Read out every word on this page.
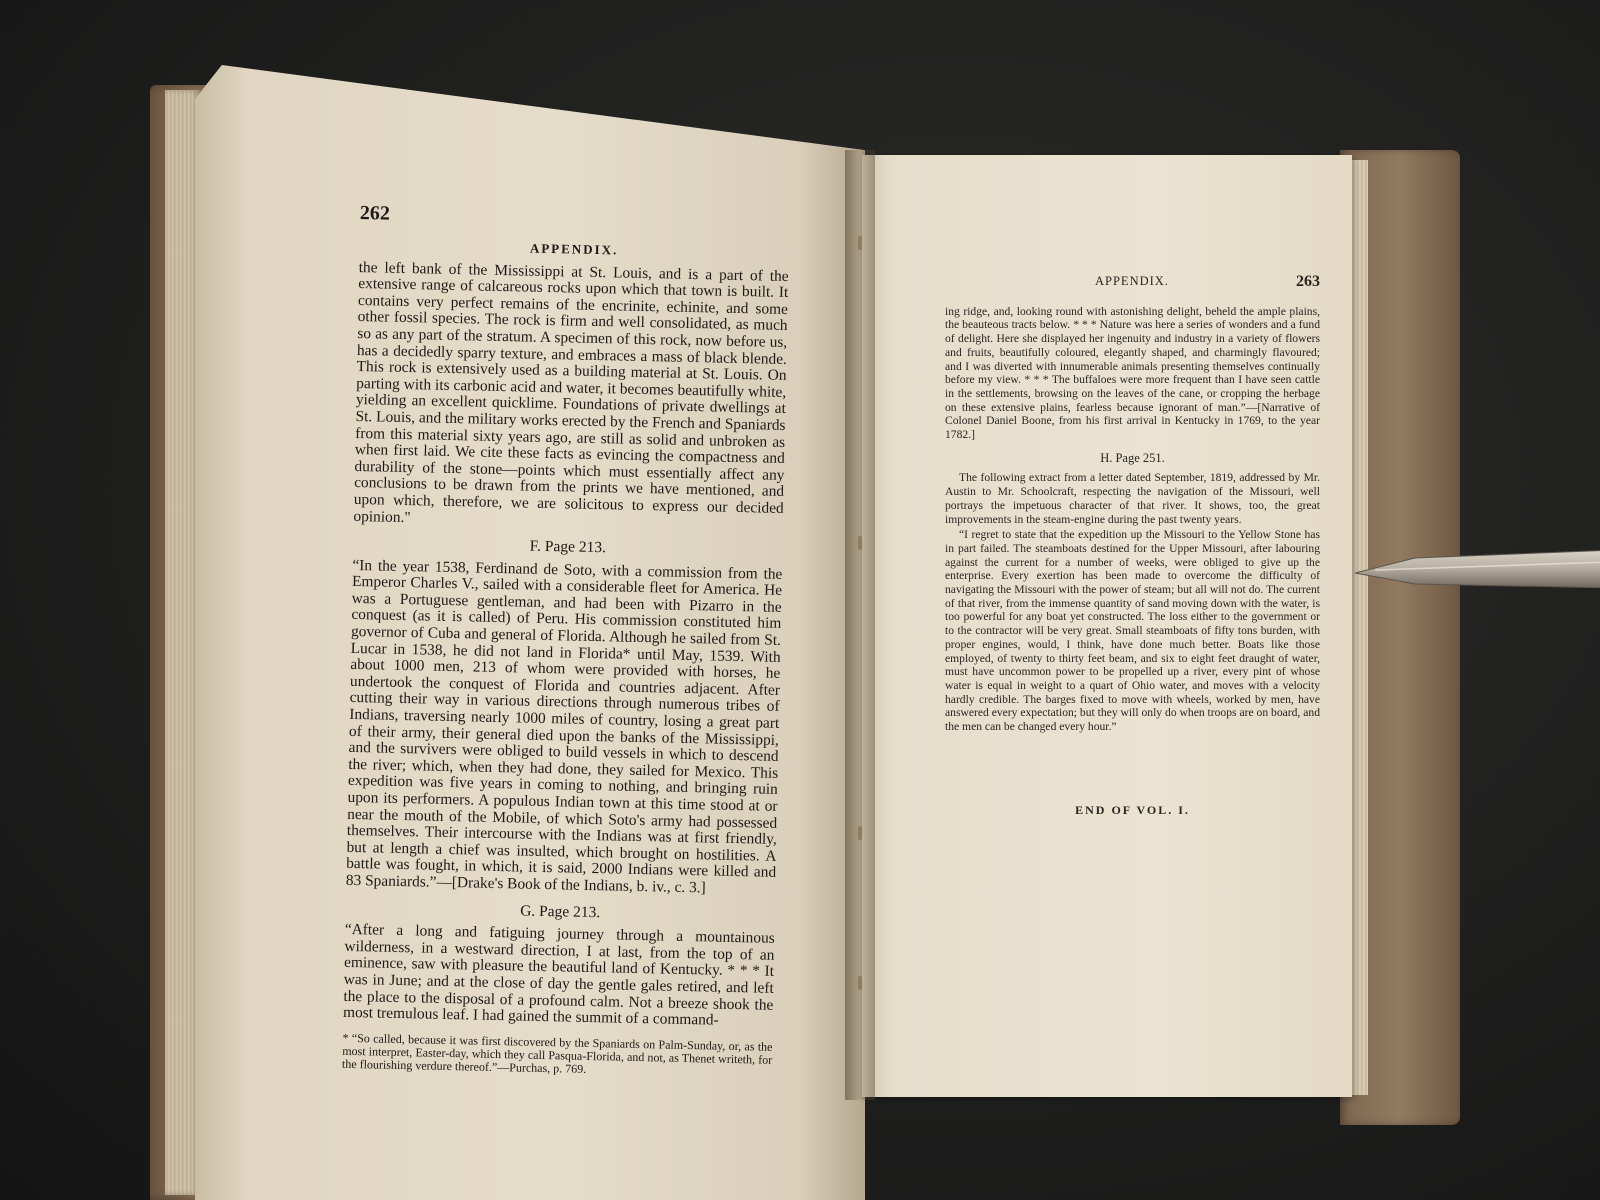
262
APPENDIX.
the left bank of the Mississippi at St. Louis, and is a part of the extensive range of calcareous rocks upon which that town is built. It contains very perfect remains of the encrinite, echinite, and some other fossil species. The rock is firm and well consolidated, as much so as any part of the stratum. A specimen of this rock, now before us, has a decidedly sparry texture, and embraces a mass of black blende. This rock is extensively used as a building material at St. Louis. On parting with its carbonic acid and water, it becomes beautifully white, yielding an excellent quicklime. Foundations of private dwellings at St. Louis, and the military works erected by the French and Spaniards from this material sixty years ago, are still as solid and unbroken as when first laid. We cite these facts as evincing the compactness and durability of the stone—points which must essentially affect any conclusions to be drawn from the prints we have mentioned, and upon which, therefore, we are solicitous to express our decided opinion."
F. Page 213.
“In the year 1538, Ferdinand de Soto, with a commission from the Emperor Charles V., sailed with a considerable fleet for America. He was a Portuguese gentleman, and had been with Pizarro in the conquest (as it is called) of Peru. His commission constituted him governor of Cuba and general of Florida. Although he sailed from St. Lucar in 1538, he did not land in Florida* until May, 1539. With about 1000 men, 213 of whom were provided with horses, he undertook the conquest of Florida and countries adjacent. After cutting their way in various directions through numerous tribes of Indians, traversing nearly 1000 miles of country, losing a great part of their army, their general died upon the banks of the Mississippi, and the survivers were obliged to build vessels in which to descend the river; which, when they had done, they sailed for Mexico. This expedition was five years in coming to nothing, and bringing ruin upon its performers. A populous Indian town at this time stood at or near the mouth of the Mobile, of which Soto's army had possessed themselves. Their intercourse with the Indians was at first friendly, but at length a chief was insulted, which brought on hostilities. A battle was fought, in which, it is said, 2000 Indians were killed and 83 Spaniards.”—[Drake's Book of the Indians, b. iv., c. 3.]
G. Page 213.
“After a long and fatiguing journey through a mountainous wilderness, in a westward direction, I at last, from the top of an eminence, saw with pleasure the beautiful land of Kentucky. * * * It was in June; and at the close of day the gentle gales retired, and left the place to the disposal of a profound calm. Not a breeze shook the most tremulous leaf. I had gained the summit of a command-
* “So called, because it was first discovered by the Spaniards on Palm-Sunday, or, as the most interpret, Easter-day, which they call Pasqua-Florida, and not, as Thenet writeth, for the flourishing verdure thereof.”—Purchas, p. 769.
APPENDIX.	263
ing ridge, and, looking round with astonishing delight, beheld the ample plains, the beauteous tracts below. * * * Nature was here a series of wonders and a fund of delight. Here she displayed her ingenuity and industry in a variety of flowers and fruits, beautifully coloured, elegantly shaped, and charmingly flavoured; and I was diverted with innumerable animals presenting themselves continually before my view. * * * The buffaloes were more frequent than I have seen cattle in the settlements, browsing on the leaves of the cane, or cropping the herbage on these extensive plains, fearless because ignorant of man.”—[Narrative of Colonel Daniel Boone, from his first arrival in Kentucky in 1769, to the year 1782.]
H. Page 251.
The following extract from a letter dated September, 1819, addressed by Mr. Austin to Mr. Schoolcraft, respecting the navigation of the Missouri, well portrays the impetuous character of that river. It shows, too, the great improvements in the steam-engine during the past twenty years.
“I regret to state that the expedition up the Missouri to the Yellow Stone has in part failed. The steamboats destined for the Upper Missouri, after labouring against the current for a number of weeks, were obliged to give up the enterprise. Every exertion has been made to overcome the difficulty of navigating the Missouri with the power of steam; but all will not do. The current of that river, from the immense quantity of sand moving down with the water, is too powerful for any boat yet constructed. The loss either to the government or to the contractor will be very great. Small steamboats of fifty tons burden, with proper engines, would, I think, have done much better. Boats like those employed, of twenty to thirty feet beam, and six to eight feet draught of water, must have uncommon power to be propelled up a river, every pint of whose water is equal in weight to a quart of Ohio water, and moves with a velocity hardly credible. The barges fixed to move with wheels, worked by men, have answered every expectation; but they will only do when troops are on board, and the men can be changed every hour.”
END OF VOL. I.
